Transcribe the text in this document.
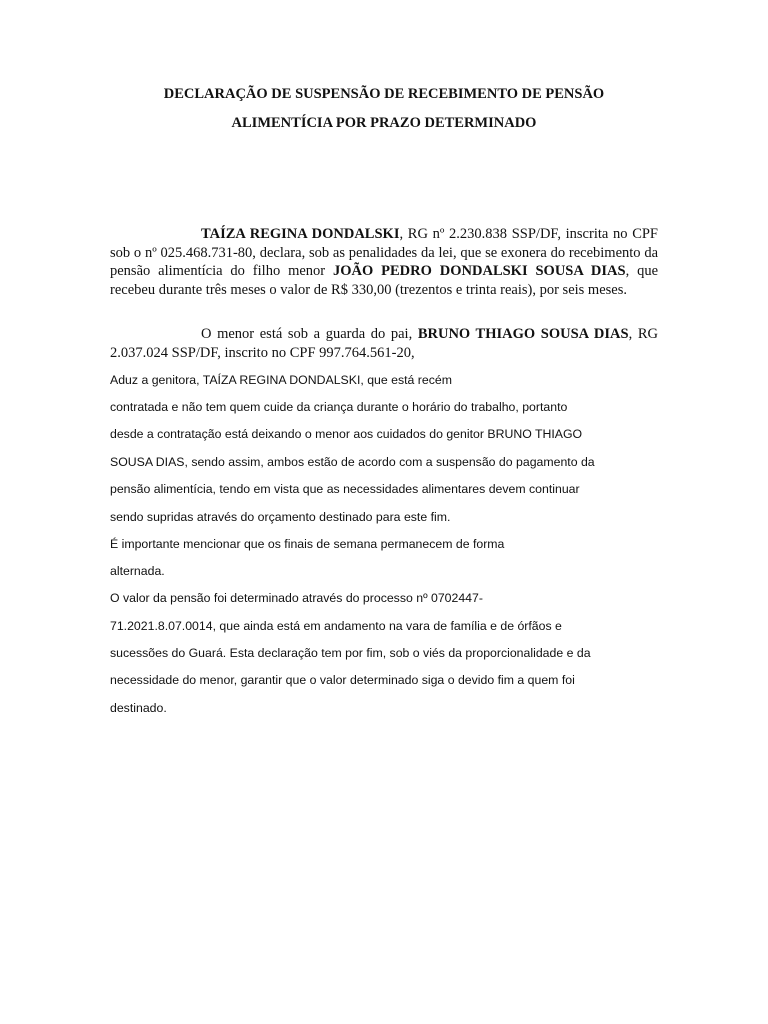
DECLARAÇÃO DE SUSPENSÃO DE RECEBIMENTO DE PENSÃO
ALIMENTÍCIA POR PRAZO DETERMINADO

TAÍZA REGINA DONDALSKI, RG nº 2.230.838 SSP/DF, inscrita no CPF sob o nº 025.468.731-80, declara, sob as penalidades da lei, que se exonera do recebimento da pensão alimentícia do filho menor JOÃO PEDRO DONDALSKI SOUSA DIAS, que recebeu durante três meses o valor de R$ 330,00 (trezentos e trinta reais), por seis meses.

O menor está sob a guarda do pai, BRUNO THIAGO SOUSA DIAS, RG 2.037.024 SSP/DF, inscrito no CPF 997.764.561-20,

Aduz a genitora, TAÍZA REGINA DONDALSKI, que está recém
contratada e não tem quem cuide da criança durante o horário do trabalho, portanto
desde a contratação está deixando o menor aos cuidados do genitor BRUNO THIAGO
SOUSA DIAS, sendo assim, ambos estão de acordo com a suspensão do pagamento da
pensão alimentícia, tendo em vista que as necessidades alimentares devem continuar
sendo supridas através do orçamento destinado para este fim.
É importante mencionar que os finais de semana permanecem de forma
alternada.
O valor da pensão foi determinado através do processo nº 0702447-
71.2021.8.07.0014, que ainda está em andamento na vara de família e de órfãos e
sucessões do Guará. Esta declaração tem por fim, sob o viés da proporcionalidade e da
necessidade do menor, garantir que o valor determinado siga o devido fim a quem foi
destinado.
